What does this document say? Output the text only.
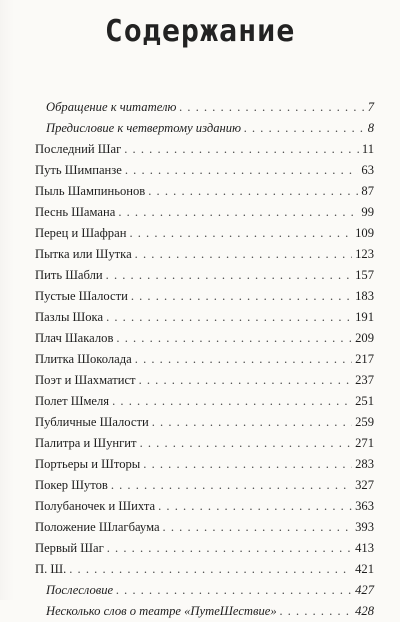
Содержание
Обращение к читателю . . .	7
Предисловие к четвертому изданию . . .	8
Последний Шаг . . .	11
Путь Шимпанзе . . .	63
Пыль Шампиньонов . . .	87
Песнь Шамана . . .	99
Перец и Шафран . . .	109
Пытка или Шутка . . .	123
Пить Шабли . . .	157
Пустые Шалости . . .	183
Пазлы Шока . . .	191
Плач Шакалов . . .	209
Плитка Шоколада . . .	217
Поэт и Шахматист . . .	237
Полет Шмеля . . .	251
Публичные Шалости . . .	259
Палитра и Шунгит . . .	271
Портьеры и Шторы . . .	283
Покер Шутов . . .	327
Полубаночек и Шихта . . .	363
Положение Шлагбаума . . .	393
Первый Шаг . . .	413
П. Ш. . . .	421
Послесловие . . .	427
Несколько слов о театре «ПутеШествие» . . .	428
